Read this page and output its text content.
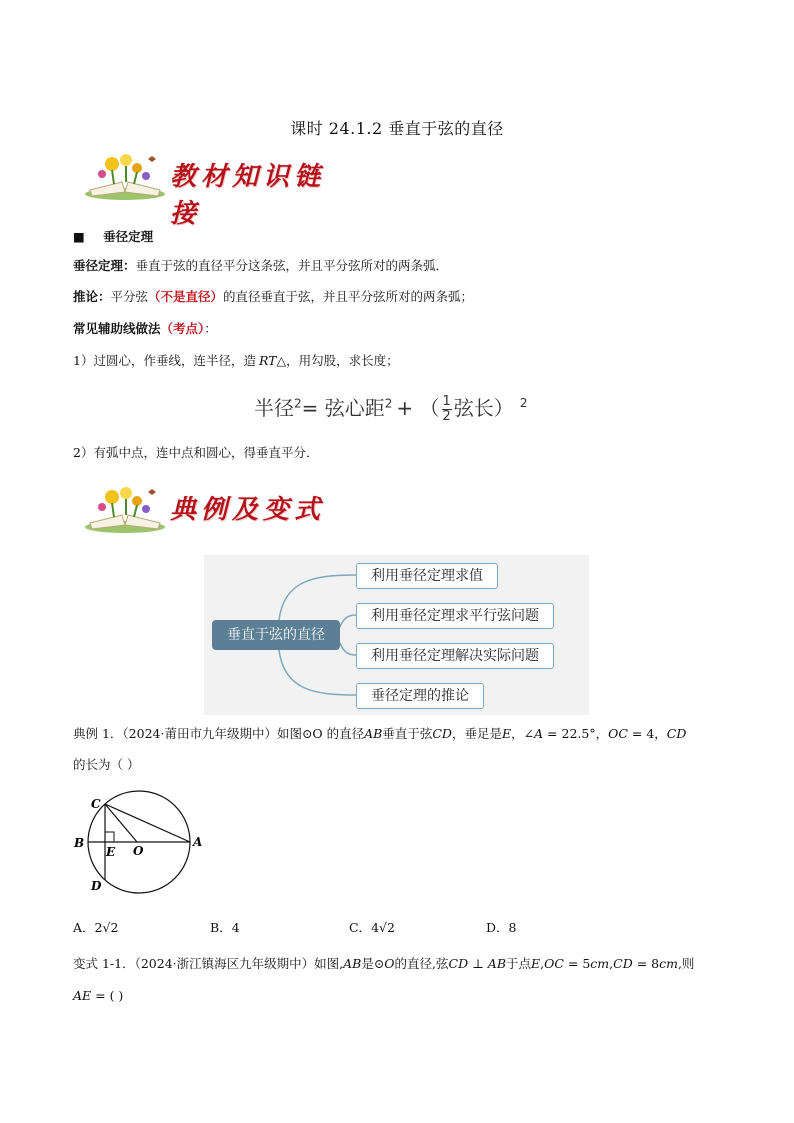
课时 24.1.2 垂直于弦的直径
教材知识链接
■ 垂径定理
垂径定理：垂直于弦的直径平分这条弦，并且平分弦所对的两条弧．
推论：平分弦（不是直径）的直径垂直于弦，并且平分弦所对的两条弧；
常见辅助线做法（考点）：
1）过圆心，作垂线，连半径，造 RT△，用勾股，求长度；
半径$^2$= 弦心距$^2$ + （ $\frac{1}{2}$ 弦长） $^2$
2）有弧中点，连中点和圆心，得垂直平分．
典例及变式
垂直于弦的直径
利用垂径定理求值
利用垂径定理求平行弦问题
利用垂径定理解决实际问题
垂径定理的推论
典例 1．（2024·莆田市九年级期中）如图⊙O 的直径𝐴𝐵垂直于弦𝐶𝐷，垂足是𝐸，∠𝐴 = 22.5°，𝑂𝐶 = 4，𝐶𝐷
的长为（ ）
C
B
E O
A
D
A．2√2	B．4	C．4√2	D．8
变式 1-1．（2024·浙江镇海区九年级期中）如图,𝐴𝐵是⊙𝑂的直径,弦𝐶𝐷 ⊥ 𝐴𝐵于点𝐸,𝑂𝐶 = 5𝑐𝑚,𝐶𝐷 = 8𝑐𝑚,则
𝐴𝐸 = ( )
